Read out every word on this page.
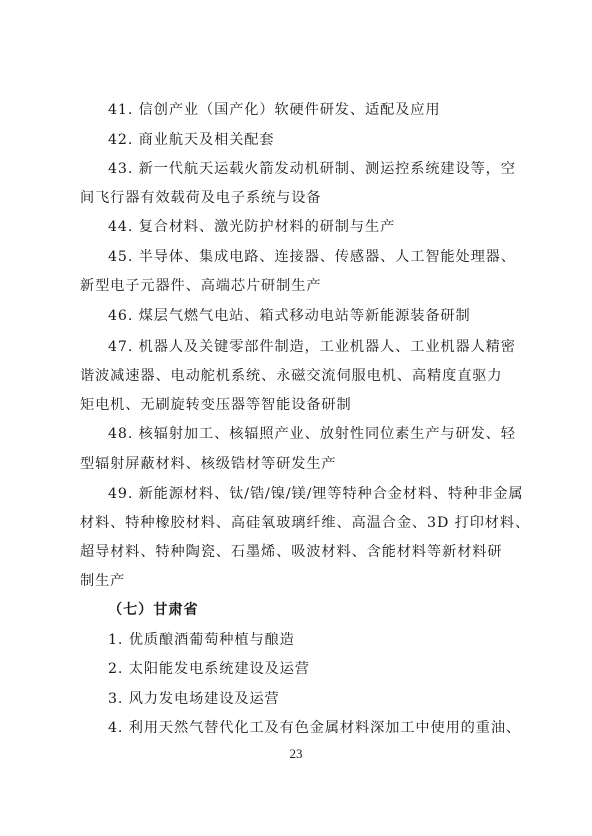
41. 信创产业（国产化）软硬件研发、适配及应用
42. 商业航天及相关配套
43. 新一代航天运载火箭发动机研制、测运控系统建设等，空
间飞行器有效载荷及电子系统与设备
44. 复合材料、激光防护材料的研制与生产
45. 半导体、集成电路、连接器、传感器、人工智能处理器、
新型电子元器件、高端芯片研制生产
46. 煤层气燃气电站、箱式移动电站等新能源装备研制
47. 机器人及关键零部件制造，工业机器人、工业机器人精密
谐波减速器、电动舵机系统、永磁交流伺服电机、高精度直驱力
矩电机、无刷旋转变压器等智能设备研制
48. 核辐射加工、核辐照产业、放射性同位素生产与研发、轻
型辐射屏蔽材料、核级锆材等研发生产
49. 新能源材料、钛/锆/镍/镁/锂等特种合金材料、特种非金属
材料、特种橡胶材料、高硅氧玻璃纤维、高温合金、3D 打印材料、
超导材料、特种陶瓷、石墨烯、吸波材料、含能材料等新材料研
制生产
（七）甘肃省
1. 优质酿酒葡萄种植与酿造
2. 太阳能发电系统建设及运营
3. 风力发电场建设及运营
4. 利用天然气替代化工及有色金属材料深加工中使用的重油、
23
